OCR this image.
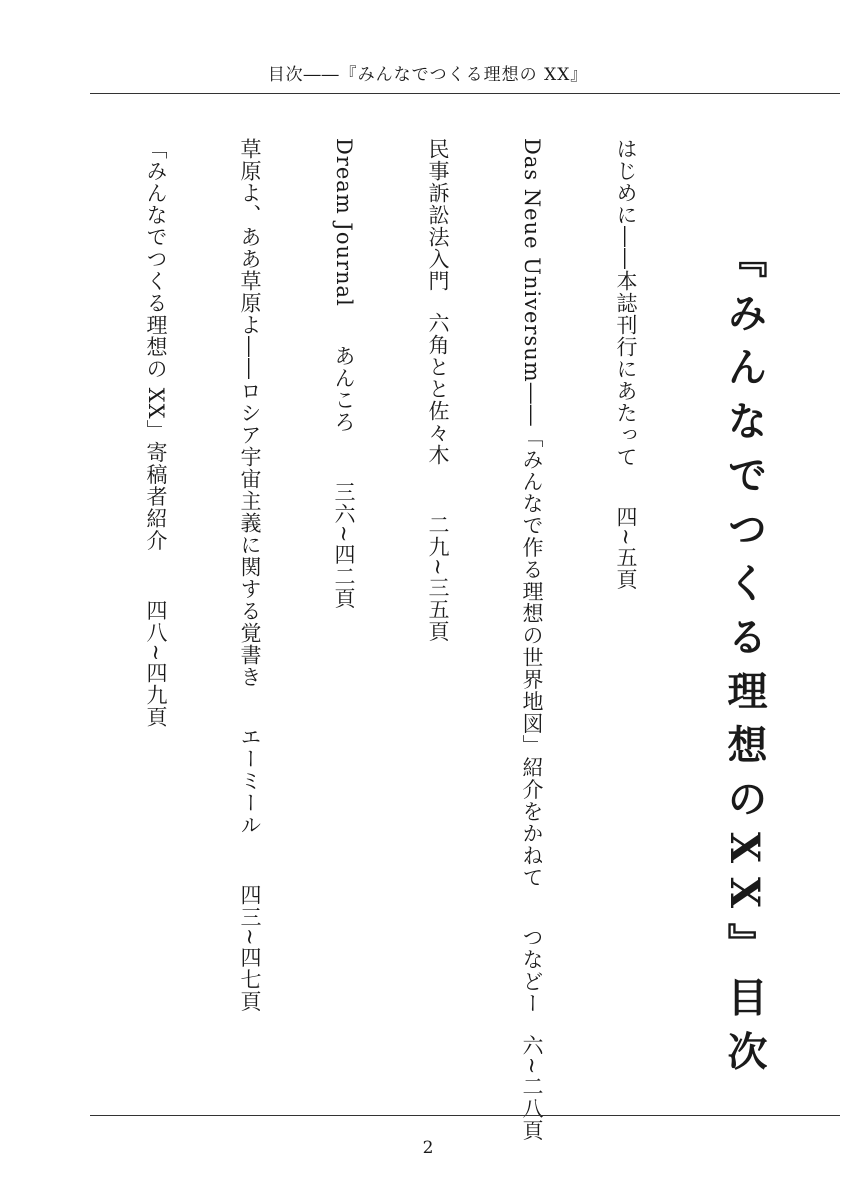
目次――『みんなでつくる理想の XX』
『みんなでつくる理想のXX』目次
はじめに――本誌刊行にあたって四~五頁
Das Neue Universum――「みんなで作る理想の世界地図」紹介をかねてつなどー六~二八頁
民事訴訟法入門六角とと佐々木二九~三五頁
Dream Journalあんころ三六~四二頁
草原よ、ああ草原よ――ロシア宇宙主義に関する覚書きエーミール四三~四七頁
「みんなでつくる理想の XX」寄稿者紹介四八~四九頁
2
